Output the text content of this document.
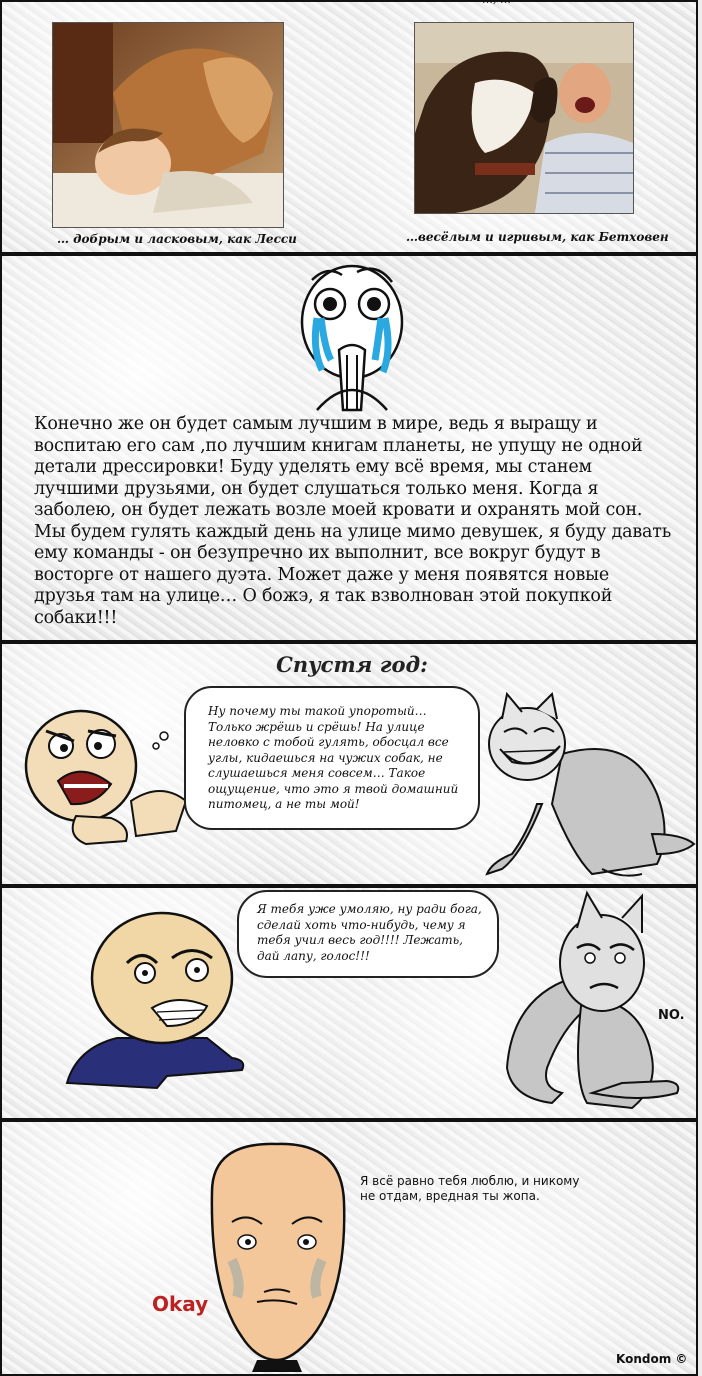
… добрым и ласковым, как Лесси	…весёлым и игривым, как Бетховен
Конечно же он будет самым лучшим в мире, ведь я выращу и воспитаю его сам ,по лучшим книгам планеты, не упущу не одной детали дрессировки! Буду уделять ему всё время, мы станем лучшими друзьями, он будет слушаться только меня. Когда я заболею, он будет лежать возле моей кровати и охранять мой сон. Мы будем гулять каждый день на улице мимо девушек, я буду давать ему команды - он безупречно их выполнит, все вокруг будут в восторге от нашего дуэта. Может даже у меня появятся новые друзья там на улице… О божэ, я так взволнован этой покупкой собаки!!!
Спустя год:
Ну почему ты такой упоротый… Только жрёшь и срёшь! На улице неловко с тобой гулять, обосцал все углы, кидаешься на чужих собак, не слушаешься меня совсем… Такое ощущение, что это я твой домашний питомец, а не ты мой!
Я тебя уже умоляю, ну ради бога, сделай хоть что-нибудь, чему я тебя учил весь год!!!! Лежать, дай лапу, голос!!!
NO.
Я всё равно тебя люблю, и никому не отдам, вредная ты жопа.
Okay
Kondom ©
